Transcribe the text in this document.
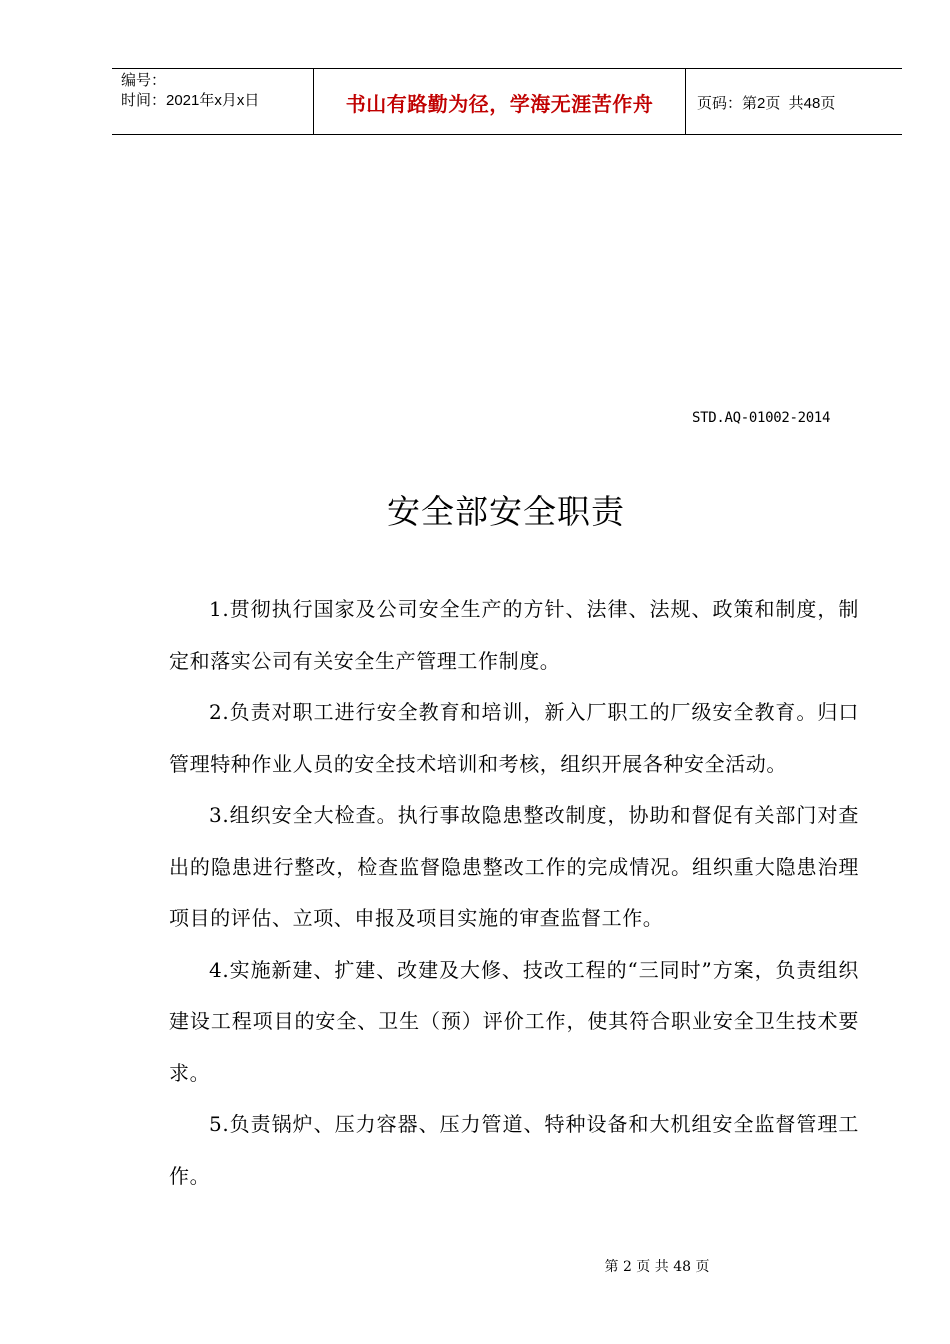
编号：
时间：2021年x月x日	书山有路勤为径，学海无涯苦作舟	页码：第2页  共48页
STD.AQ-01002-2014
安全部安全职责

1.贯彻执行国家及公司安全生产的方针、法律、法规、政策和制度，制定和落实公司有关安全生产管理工作制度。

2.负责对职工进行安全教育和培训，新入厂职工的厂级安全教育。归口管理特种作业人员的安全技术培训和考核，组织开展各种安全活动。

3.组织安全大检查。执行事故隐患整改制度，协助和督促有关部门对查出的隐患进行整改，检查监督隐患整改工作的完成情况。组织重大隐患治理项目的评估、立项、申报及项目实施的审查监督工作。

4.实施新建、扩建、改建及大修、技改工程的“三同时”方案，负责组织建设工程项目的安全、卫生（预）评价工作，使其符合职业安全卫生技术要求。

5.负责锅炉、压力容器、压力管道、特种设备和大机组安全监督管理工作。

第 2 页 共 48 页
